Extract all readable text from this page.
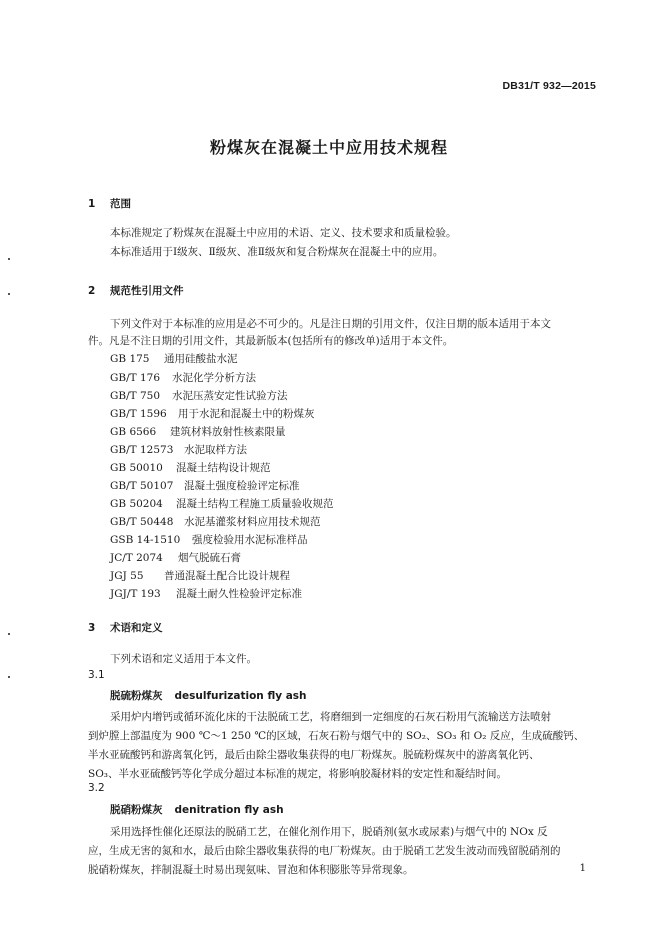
DB31/T 932—2015
粉煤灰在混凝土中应用技术规程
1 范围
本标准规定了粉煤灰在混凝土中应用的术语、定义、技术要求和质量检验。
本标准适用于Ⅰ级灰、Ⅱ级灰、准Ⅱ级灰和复合粉煤灰在混凝土中的应用。
2 规范性引用文件
下列文件对于本标准的应用是必不可少的。凡是注日期的引用文件，仅注日期的版本适用于本文
件。凡是不注日期的引用文件，其最新版本(包括所有的修改单)适用于本文件。
GB 175 通用硅酸盐水泥
GB/T 176 水泥化学分析方法
GB/T 750 水泥压蒸安定性试验方法
GB/T 1596 用于水泥和混凝土中的粉煤灰
GB 6566 建筑材料放射性核素限量
GB/T 12573 水泥取样方法
GB 50010 混凝土结构设计规范
GB/T 50107 混凝土强度检验评定标准
GB 50204 混凝土结构工程施工质量验收规范
GB/T 50448 水泥基灌浆材料应用技术规范
GSB 14-1510 强度检验用水泥标准样品
JC/T 2074 烟气脱硫石膏
JGJ 55 普通混凝土配合比设计规程
JGJ/T 193 混凝土耐久性检验评定标准
3 术语和定义
下列术语和定义适用于本文件。
3.1
脱硫粉煤灰 desulfurization fly ash
采用炉内增钙或循环流化床的干法脱硫工艺，将磨细到一定细度的石灰石粉用气流输送方法喷射
到炉膛上部温度为 900 ℃～1 250 ℃的区域，石灰石粉与烟气中的 SO₂、SO₃ 和 O₂ 反应，生成硫酸钙、
半水亚硫酸钙和游离氧化钙，最后由除尘器收集获得的电厂粉煤灰。脱硫粉煤灰中的游离氧化钙、
SO₃、半水亚硫酸钙等化学成分超过本标准的规定，将影响胶凝材料的安定性和凝结时间。
3.2
脱硝粉煤灰 denitration fly ash
采用选择性催化还原法的脱硝工艺，在催化剂作用下，脱硝剂(氨水或尿素)与烟气中的 NOx 反
应，生成无害的氮和水，最后由除尘器收集获得的电厂粉煤灰。由于脱硝工艺发生波动而残留脱硝剂的
脱硝粉煤灰，拌制混凝土时易出现氨味、冒泡和体积膨胀等异常现象。	1
